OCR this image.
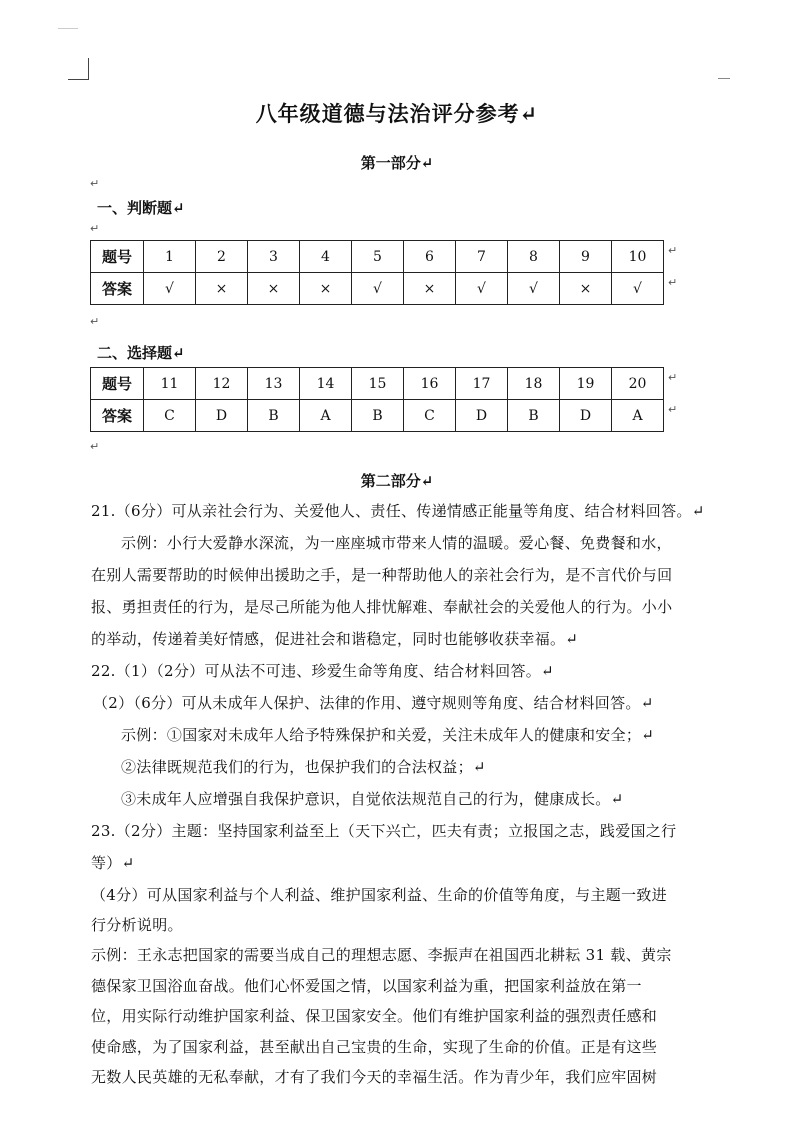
八年级道德与法治评分参考↵
第一部分↵
↵
一、判断题↵
↵
题号	1	2	3	4	5	6	7	8	9	10
答案	√	×	×	×	√	×	√	√	×	√
↵
↵
↵
二、选择题↵
题号	11	12	13	14	15	16	17	18	19	20
答案	C	D	B	A	B	C	D	B	D	A
↵
↵
↵
第二部分↵
21.（6分）可从亲社会行为、关爱他人、责任、传递情感正能量等角度、结合材料回答。↵
示例：小行大爱静水深流，为一座座城市带来人情的温暖。爱心餐、免费餐和水，
在别人需要帮助的时候伸出援助之手，是一种帮助他人的亲社会行为，是不言代价与回
报、勇担责任的行为，是尽己所能为他人排忧解难、奉献社会的关爱他人的行为。小小
的举动，传递着美好情感，促进社会和谐稳定，同时也能够收获幸福。↵
22.（1）（2分）可从法不可违、珍爱生命等角度、结合材料回答。↵
（2）（6分）可从未成年人保护、法律的作用、遵守规则等角度、结合材料回答。↵
示例：①国家对未成年人给予特殊保护和关爱，关注未成年人的健康和安全；↵
②法律既规范我们的行为，也保护我们的合法权益；↵
③未成年人应增强自我保护意识，自觉依法规范自己的行为，健康成长。↵
23.（2分）主题：坚持国家利益至上（天下兴亡，匹夫有责；立报国之志，践爱国之行
等）↵
（4分）可从国家利益与个人利益、维护国家利益、生命的价值等角度，与主题一致进
行分析说明。
示例：王永志把国家的需要当成自己的理想志愿、李振声在祖国西北耕耘 31 载、黄宗
德保家卫国浴血奋战。他们心怀爱国之情，以国家利益为重，把国家利益放在第一
位，用实际行动维护国家利益、保卫国家安全。他们有维护国家利益的强烈责任感和
使命感，为了国家利益，甚至献出自己宝贵的生命，实现了生命的价值。正是有这些
无数人民英雄的无私奉献，才有了我们今天的幸福生活。作为青少年，我们应牢固树
